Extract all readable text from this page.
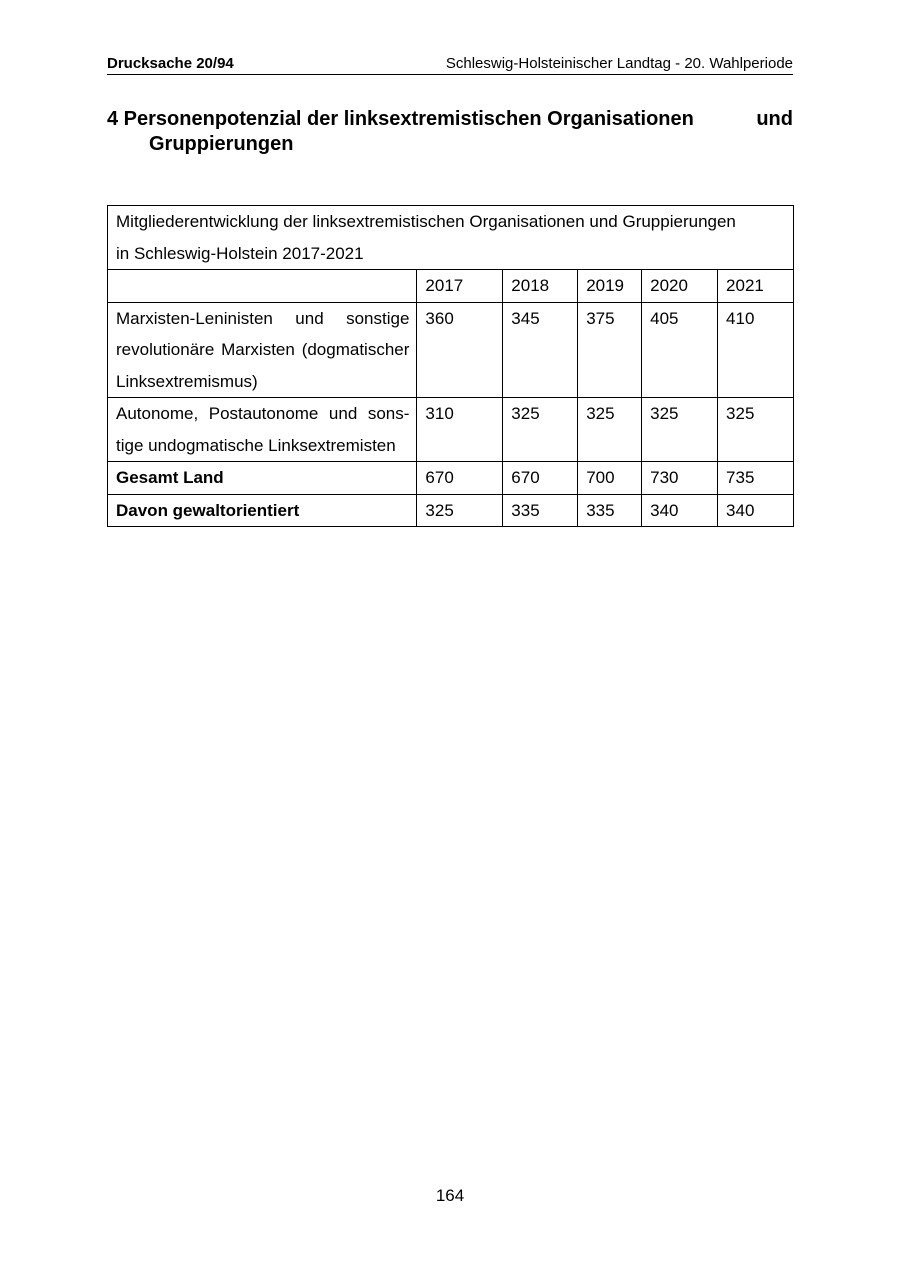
Drucksache 20/94	Schleswig-Holsteinischer Landtag - 20. Wahlperiode
4 Personenpotenzial der linksextremistischen Organisationen	und
Gruppierungen
Mitgliederentwicklung der linksextremistischen Organisationen und Gruppierungen
in Schleswig-Holstein 2017-2021					

	2017	2018	2019	2020	2021
Marxisten-Leninisten und sonstige revolutionäre Marxisten (dogmatischer Linksextremismus)	360	345	375	405	410
Autonome, Postautonome und sonstige undogmatische Linksextremisten	310	325	325	325	325
Gesamt Land	670	670	700	730	735
Davon gewaltorientiert	325	335	335	340	340
164
